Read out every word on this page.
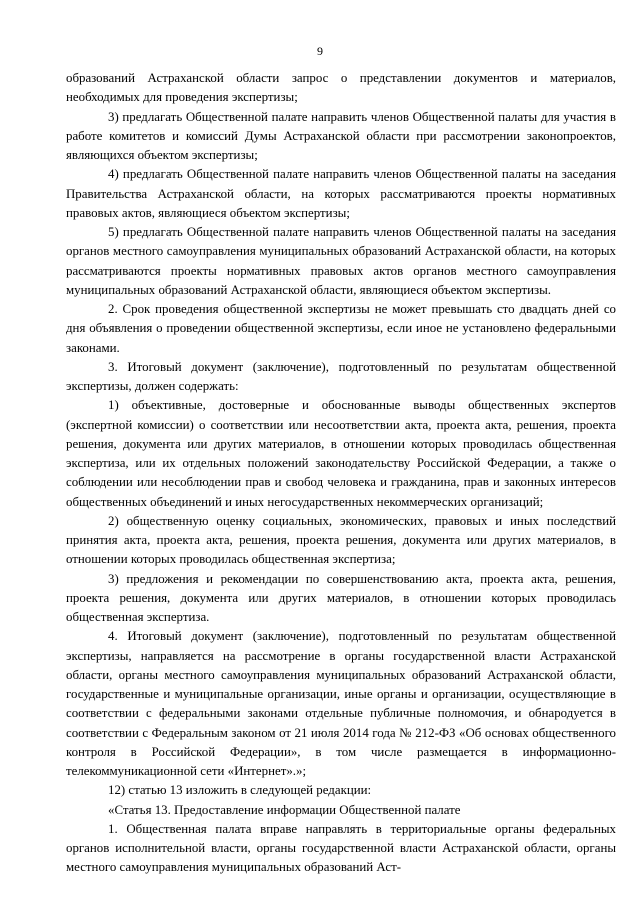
9

образований Астраханской области запрос о представлении документов и материалов, необходимых для проведения экспертизы;

3) предлагать Общественной палате направить членов Общественной палаты для участия в работе комитетов и комиссий Думы Астраханской области при рассмотрении законопроектов, являющихся объектом экспертизы;

4) предлагать Общественной палате направить членов Общественной палаты на заседания Правительства Астраханской области, на которых рассматриваются проекты нормативных правовых актов, являющиеся объектом экспертизы;

5) предлагать Общественной палате направить членов Общественной палаты на заседания органов местного самоуправления муниципальных образований Астраханской области, на которых рассматриваются проекты нормативных правовых актов органов местного самоуправления муниципальных образований Астраханской области, являющиеся объектом экспертизы.

2. Срок проведения общественной экспертизы не может превышать сто двадцать дней со дня объявления о проведении общественной экспертизы, если иное не установлено федеральными законами.

3. Итоговый документ (заключение), подготовленный по результатам общественной экспертизы, должен содержать:

1) объективные, достоверные и обоснованные выводы общественных экспертов (экспертной комиссии) о соответствии или несоответствии акта, проекта акта, решения, проекта решения, документа или других материалов, в отношении которых проводилась общественная экспертиза, или их отдельных положений законодательству Российской Федерации, а также о соблюдении или несоблюдении прав и свобод человека и гражданина, прав и законных интересов общественных объединений и иных негосударственных некоммерческих организаций;

2) общественную оценку социальных, экономических, правовых и иных последствий принятия акта, проекта акта, решения, проекта решения, документа или других материалов, в отношении которых проводилась общественная экспертиза;

3) предложения и рекомендации по совершенствованию акта, проекта акта, решения, проекта решения, документа или других материалов, в отношении которых проводилась общественная экспертиза.

4. Итоговый документ (заключение), подготовленный по результатам общественной экспертизы, направляется на рассмотрение в органы государственной власти Астраханской области, органы местного самоуправления муниципальных образований Астраханской области, государственные и муниципальные организации, иные органы и организации, осуществляющие в соответствии с федеральными законами отдельные публичные полномочия, и обнародуется в соответствии с Федеральным законом от 21 июля 2014 года № 212-ФЗ «Об основах общественного контроля в Российской Федерации», в том числе размещается в информационно-телекоммуникационной сети «Интернет».»;

12) статью 13 изложить в следующей редакции:

«Статья 13. Предоставление информации Общественной палате

1. Общественная палата вправе направлять в территориальные органы федеральных органов исполнительной власти, органы государственной власти Астраханской области, органы местного самоуправления муниципальных образований Аст-
